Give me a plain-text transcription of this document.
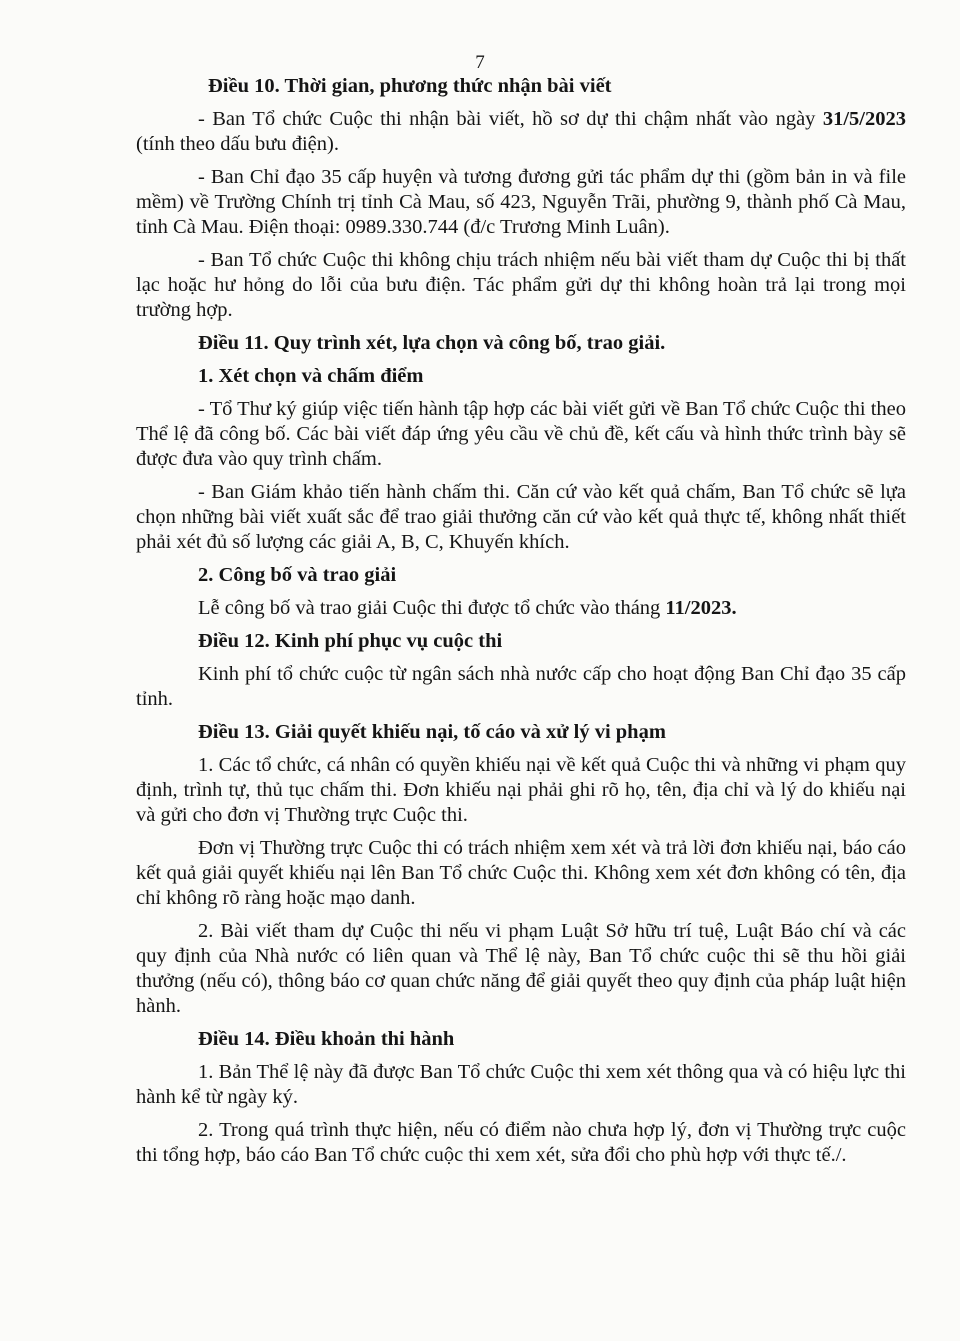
7
Điều 10. Thời gian, phương thức nhận bài viết

- Ban Tổ chức Cuộc thi nhận bài viết, hồ sơ dự thi chậm nhất vào ngày 31/5/2023 (tính theo dấu bưu điện).

- Ban Chỉ đạo 35 cấp huyện và tương đương gửi tác phẩm dự thi (gồm bản in và file mềm) về Trường Chính trị tỉnh Cà Mau, số 423, Nguyễn Trãi, phường 9, thành phố Cà Mau, tỉnh Cà Mau. Điện thoại: 0989.330.744 (đ/c Trương Minh Luân).

- Ban Tổ chức Cuộc thi không chịu trách nhiệm nếu bài viết tham dự Cuộc thi bị thất lạc hoặc hư hỏng do lỗi của bưu điện. Tác phẩm gửi dự thi không hoàn trả lại trong mọi trường hợp.

Điều 11. Quy trình xét, lựa chọn và công bố, trao giải.
1. Xét chọn và chấm điểm

- Tổ Thư ký giúp việc tiến hành tập hợp các bài viết gửi về Ban Tổ chức Cuộc thi theo Thể lệ đã công bố. Các bài viết đáp ứng yêu cầu về chủ đề, kết cấu và hình thức trình bày sẽ được đưa vào quy trình chấm.

- Ban Giám khảo tiến hành chấm thi. Căn cứ vào kết quả chấm, Ban Tổ chức sẽ lựa chọn những bài viết xuất sắc để trao giải thưởng căn cứ vào kết quả thực tế, không nhất thiết phải xét đủ số lượng các giải A, B, C, Khuyến khích.

2. Công bố và trao giải

Lễ công bố và trao giải Cuộc thi được tổ chức vào tháng 11/2023.

Điều 12. Kinh phí phục vụ cuộc thi

Kinh phí tổ chức cuộc từ ngân sách nhà nước cấp cho hoạt động Ban Chỉ đạo 35 cấp tỉnh.

Điều 13. Giải quyết khiếu nại, tố cáo và xử lý vi phạm

1. Các tổ chức, cá nhân có quyền khiếu nại về kết quả Cuộc thi và những vi phạm quy định, trình tự, thủ tục chấm thi. Đơn khiếu nại phải ghi rõ họ, tên, địa chỉ và lý do khiếu nại và gửi cho đơn vị Thường trực Cuộc thi.

Đơn vị Thường trực Cuộc thi có trách nhiệm xem xét và trả lời đơn khiếu nại, báo cáo kết quả giải quyết khiếu nại lên Ban Tổ chức Cuộc thi. Không xem xét đơn không có tên, địa chỉ không rõ ràng hoặc mạo danh.

2. Bài viết tham dự Cuộc thi nếu vi phạm Luật Sở hữu trí tuệ, Luật Báo chí và các quy định của Nhà nước có liên quan và Thể lệ này, Ban Tổ chức cuộc thi sẽ thu hồi giải thưởng (nếu có), thông báo cơ quan chức năng để giải quyết theo quy định của pháp luật hiện hành.

Điều 14. Điều khoản thi hành

1. Bản Thể lệ này đã được Ban Tổ chức Cuộc thi xem xét thông qua và có hiệu lực thi hành kể từ ngày ký.

2. Trong quá trình thực hiện, nếu có điểm nào chưa hợp lý, đơn vị Thường trực cuộc thi tổng hợp, báo cáo Ban Tổ chức cuộc thi xem xét, sửa đổi cho phù hợp với thực tế./.
